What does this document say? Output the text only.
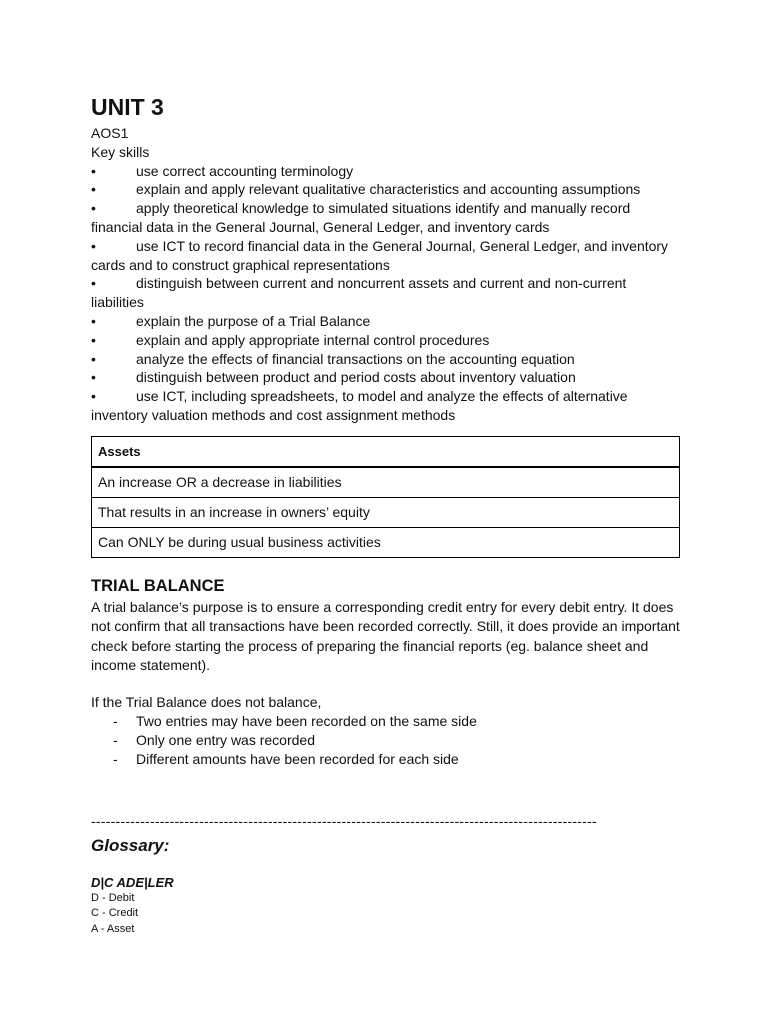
UNIT 3

AOS1

Key skills

•	use correct accounting terminology

•	explain and apply relevant qualitative characteristics and accounting assumptions

•	apply theoretical knowledge to simulated situations identify and manually record

financial data in the General Journal, General Ledger, and inventory cards

•	use ICT to record financial data in the General Journal, General Ledger, and inventory

cards and to construct graphical representations

•	distinguish between current and noncurrent assets and current and non-current liabilities

•	explain the purpose of a Trial Balance

•	explain and apply appropriate internal control procedures

•	analyze the effects of financial transactions on the accounting equation

•	distinguish between product and period costs about inventory valuation

•	use ICT, including spreadsheets, to model and analyze the effects of alternative

inventory valuation methods and cost assignment methods

Assets
An increase OR a decrease in liabilities
That results in an increase in owners’ equity
Can ONLY be during usual business activities
TRIAL BALANCE

A trial balance’s purpose is to ensure a corresponding credit entry for every debit entry. It does

not confirm that all transactions have been recorded correctly. Still, it does provide an important

check before starting the process of preparing the financial reports (eg. balance sheet and

income statement).

If the Trial Balance does not balance,

- Two entries may have been recorded on the same side

- Only one entry was recorded

- Different amounts have been recorded for each side

-------------------------------------------------------------------------------------------------------
Glossary:
D|C ADE|LER

D - Debit

C - Credit

A - Asset
